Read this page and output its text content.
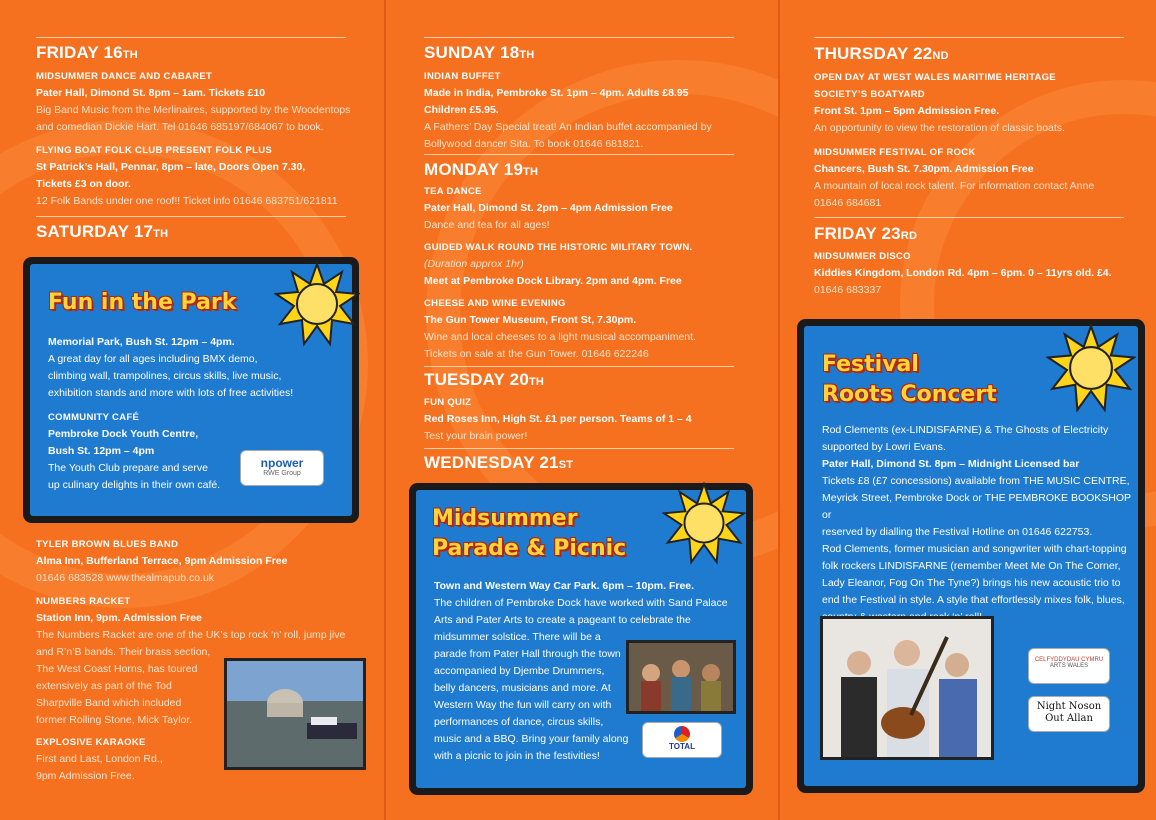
FRIDAY 16TH
MIDSUMMER DANCE AND CABARET
Pater Hall, Dimond St. 8pm – 1am. Tickets £10
Big Band Music from the Merlinaires, supported by the Woodentops
and comedian Dickie Hart. Tel 01646 685197/684067 to book.
FLYING BOAT FOLK CLUB PRESENT FOLK PLUS
St Patrick’s Hall, Pennar, 8pm – late, Doors Open 7.30,
Tickets £3 on door.
12 Folk Bands under one roof!! Ticket info 01646 683751/621811
SATURDAY 17TH
Fun in the Park
Memorial Park, Bush St. 12pm – 4pm.
A great day for all ages including BMX demo,
climbing wall, trampolines, circus skills, live music,
exhibition stands and more with lots of free activities!
COMMUNITY CAFÉ
Pembroke Dock Youth Centre,
Bush St. 12pm – 4pm
The Youth Club prepare and serve
up culinary delights in their own café.
npower
RWE Group
TYLER BROWN BLUES BAND
Alma Inn, Bufferland Terrace, 9pm Admission Free
01646 683528 www.thealmapub.co.uk
NUMBERS RACKET
Station Inn, 9pm. Admission Free
The Numbers Racket are one of the UK’s top rock ‘n’ roll, jump jive
and R’n’B bands. Their brass section,
The West Coast Horns, has toured
extensively as part of the Tod
Sharpville Band which included
former Rolling Stone, Mick Taylor.
EXPLOSIVE KARAOKE
First and Last, London Rd.,
9pm Admission Free.
SUNDAY 18TH
INDIAN BUFFET
Made in India, Pembroke St. 1pm – 4pm. Adults £8.95
Children £5.95.
A Fathers’ Day Special treat! An Indian buffet accompanied by
Bollywood dancer Sita. To book 01646 681821.
MONDAY 19TH
TEA DANCE
Pater Hall, Dimond St. 2pm – 4pm Admission Free
Dance and tea for all ages!
GUIDED WALK ROUND THE HISTORIC MILITARY TOWN.
(Duration approx 1hr)
Meet at Pembroke Dock Library. 2pm and 4pm. Free
CHEESE AND WINE EVENING
The Gun Tower Museum, Front St, 7.30pm.
Wine and local cheeses to a light musical accompaniment.
Tickets on sale at the Gun Tower. 01646 622246
TUESDAY 20TH
FUN QUIZ
Red Roses Inn, High St. £1 per person. Teams of 1 – 4
Test your brain power!
WEDNESDAY 21ST
Midsummer
Parade & Picnic
Town and Western Way Car Park. 6pm – 10pm. Free.
The children of Pembroke Dock have worked with Sand Palace
Arts and Pater Arts to create a pageant to celebrate the
midsummer solstice. There will be a
parade from Pater Hall through the town
accompanied by Djembe Drummers,
belly dancers, musicians and more. At
Western Way the fun will carry on with
performances of dance, circus skills,
music and a BBQ. Bring your family along
with a picnic to join in the festivities!
TOTAL
THURSDAY 22ND
OPEN DAY AT WEST WALES MARITIME HERITAGE
SOCIETY’S BOATYARD
Front St. 1pm – 5pm Admission Free.
An opportunity to view the restoration of classic boats.
MIDSUMMER FESTIVAL OF ROCK
Chancers, Bush St. 7.30pm. Admission Free
A mountain of local rock talent. For information contact Anne
01646 684681
FRIDAY 23RD
MIDSUMMER DISCO
Kiddies Kingdom, London Rd. 4pm – 6pm. 0 – 11yrs old. £4.
01646 683337
Festival
Roots Concert
Rod Clements (ex-LINDISFARNE) & The Ghosts of Electricity
supported by Lowri Evans.
Pater Hall, Dimond St. 8pm – Midnight Licensed bar
Tickets £8 (£7 concessions) available from THE MUSIC CENTRE,
Meyrick Street, Pembroke Dock or THE PEMBROKE BOOKSHOP or
reserved by dialling the Festival Hotline on 01646 622753.
Rod Clements, former musician and songwriter with chart-topping
folk rockers LINDISFARNE (remember Meet Me On The Corner,
Lady Eleanor, Fog On The Tyne?) brings his new acoustic trio to
end the Festival in style. A style that effortlessly mixes folk, blues,
CELFYDDYDAU CYMRU
ARTS WALES
Night Noson Out Allan
